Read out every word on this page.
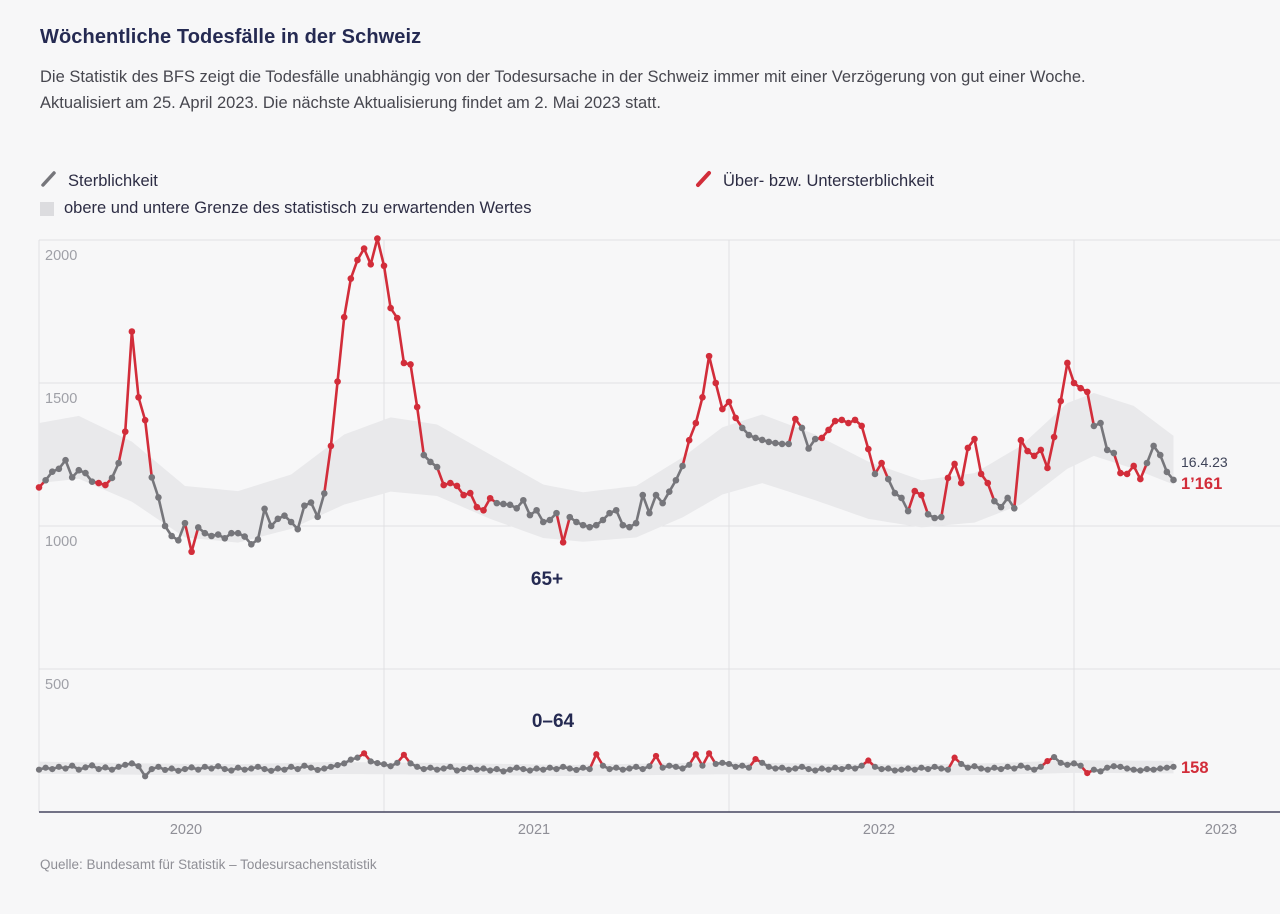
Wöchentliche Todesfälle in der Schweiz
Die Statistik des BFS zeigt die Todesfälle unabhängig von der Todesursache in der Schweiz immer mit einer Verzögerung von gut einer Woche.
Aktualisiert am 25. April 2023. Die nächste Aktualisierung findet am 2. Mai 2023 statt.
Sterblichkeit
obere und untere Grenze des statistisch zu erwartenden Wertes
Über- bzw. Untersterblichkeit
2000
1500
1000
500
2020	2021	2022	2023
65+
0–64
16.4.23
1’161
158
Quelle: Bundesamt für Statistik – Todesursachenstatistik
